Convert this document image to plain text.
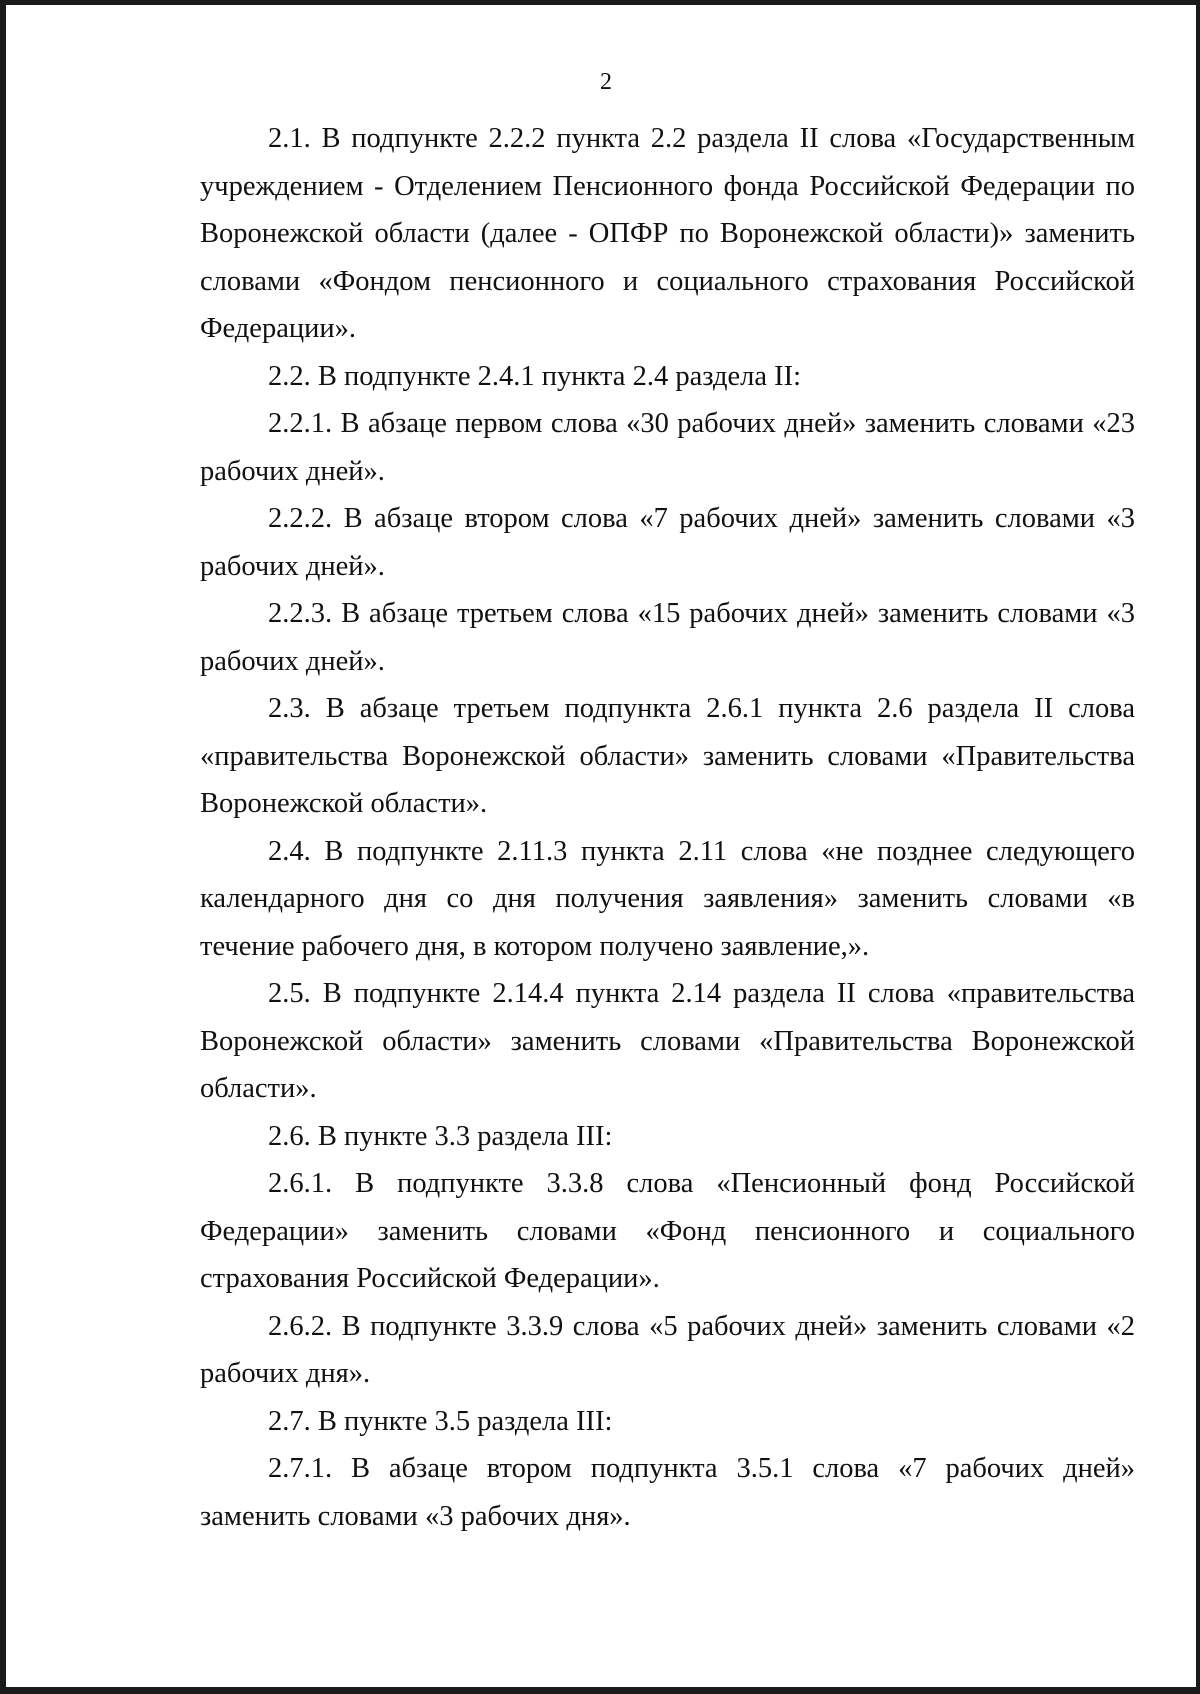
2

2.1. В подпункте 2.2.2 пункта 2.2 раздела II слова «Государственным учреждением - Отделением Пенсионного фонда Российской Федерации по Воронежской области (далее - ОПФР по Воронежской области)» заменить словами «Фондом пенсионного и социального страхования Российской Федерации».

2.2. В подпункте 2.4.1 пункта 2.4 раздела II:

2.2.1. В абзаце первом слова «30 рабочих дней» заменить словами «23 рабочих дней».

2.2.2. В абзаце втором слова «7 рабочих дней» заменить словами «3 рабочих дней».

2.2.3. В абзаце третьем слова «15 рабочих дней» заменить словами «3 рабочих дней».

2.3. В абзаце третьем подпункта 2.6.1 пункта 2.6 раздела II слова «правительства Воронежской области» заменить словами «Правительства Воронежской области».

2.4. В подпункте 2.11.3 пункта 2.11 слова «не позднее следующего календарного дня со дня получения заявления» заменить словами «в течение рабочего дня, в котором получено заявление,».

2.5. В подпункте 2.14.4 пункта 2.14 раздела II слова «правительства Воронежской области» заменить словами «Правительства Воронежской области».

2.6. В пункте 3.3 раздела III:

2.6.1. В подпункте 3.3.8 слова «Пенсионный фонд Российской Федерации» заменить словами «Фонд пенсионного и социального страхования Российской Федерации».

2.6.2. В подпункте 3.3.9 слова «5 рабочих дней» заменить словами «2 рабочих дня».

2.7. В пункте 3.5 раздела III:

2.7.1. В абзаце втором подпункта 3.5.1 слова «7 рабочих дней» заменить словами «3 рабочих дня».
